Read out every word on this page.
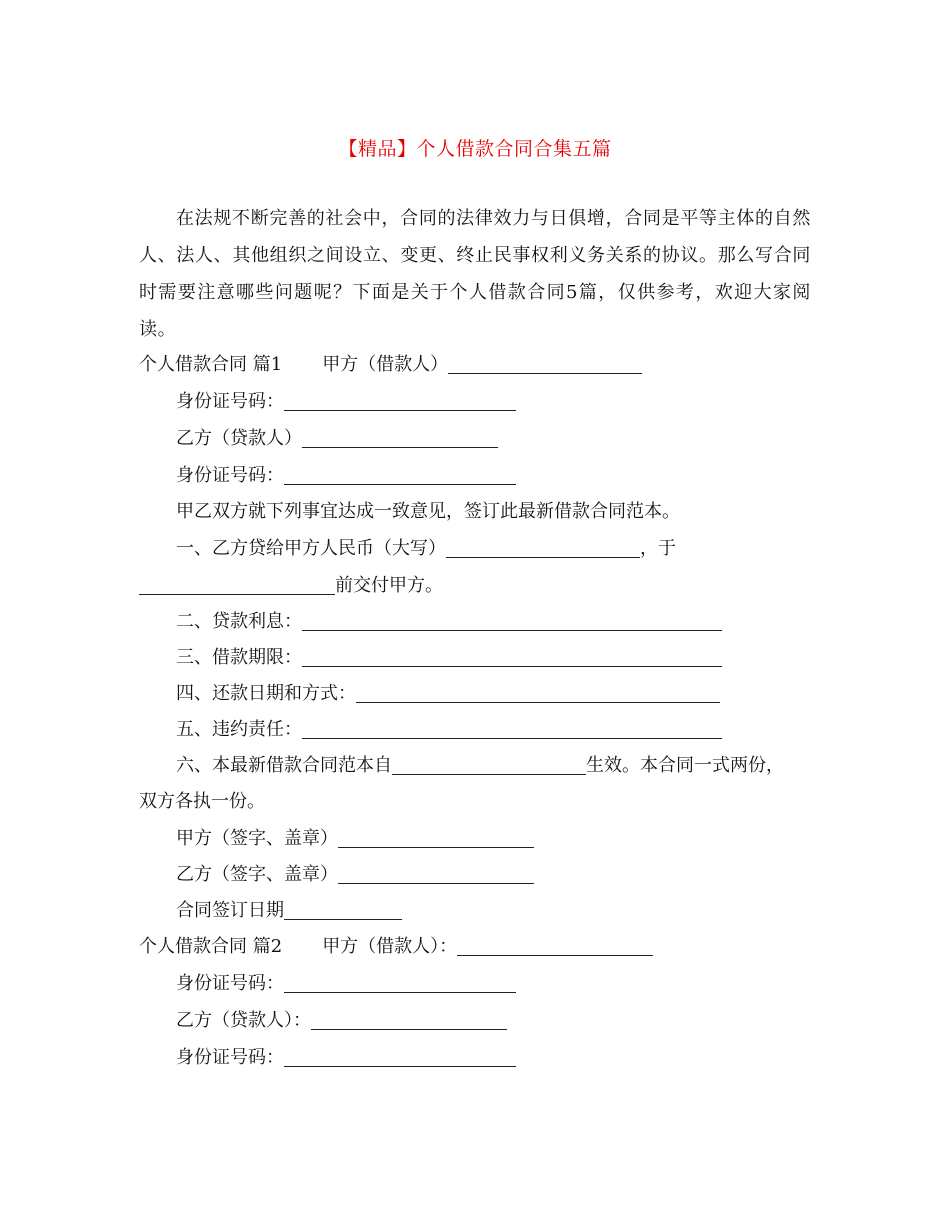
【精品】个人借款合同合集五篇
在法规不断完善的社会中，合同的法律效力与日俱增，合同是平等主体的自然人、法人、其他组织之间设立、变更、终止民事权利义务关系的协议。那么写合同时需要注意哪些问题呢？下面是关于个人借款合同5篇，仅供参考，欢迎大家阅读。
个人借款合同 篇1 甲方（借款人）
身份证号码：
乙方（贷款人）
身份证号码：
甲乙双方就下列事宜达成一致意见，签订此最新借款合同范本。
一、乙方贷给甲方人民币（大写）	，于
前交付甲方。
二、贷款利息：
三、借款期限：
四、还款日期和方式：
五、违约责任：
六、本最新借款合同范本自	生效。本合同一式两份，
双方各执一份。
甲方（签字、盖章）
乙方（签字、盖章）
合同签订日期
个人借款合同 篇2 甲方（借款人）：
身份证号码：
乙方（贷款人）：
身份证号码：
